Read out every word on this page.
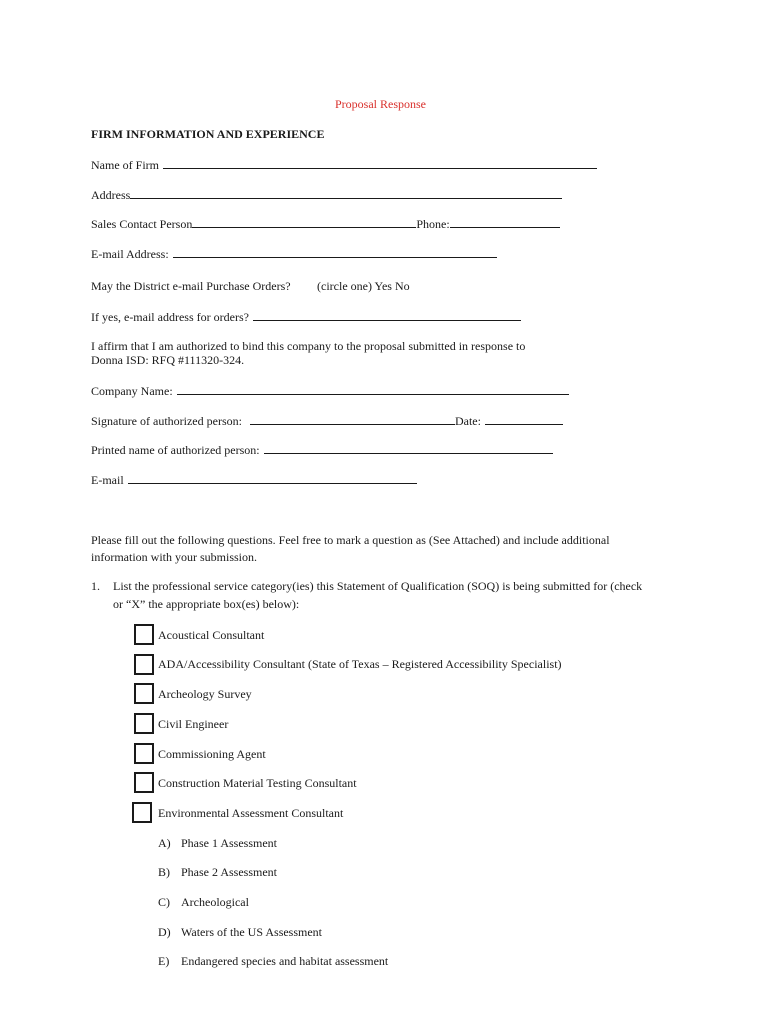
Proposal Response
FIRM INFORMATION AND EXPERIENCE
Name of Firm
Address
Sales Contact Person	Phone:
E-mail Address:
May the District e-mail Purchase Orders? (circle one) Yes No
If yes, e-mail address for orders?
I affirm that I am authorized to bind this company to the proposal submitted in response to
Donna ISD: RFQ #111320-324.
Company Name:
Signature of authorized person:	Date:
Printed name of authorized person:
E-mail
Please fill out the following questions. Feel free to mark a question as (See Attached) and include additional
information with your submission.
1. List the professional service category(ies) this Statement of Qualification (SOQ) is being submitted for (check
or “X” the appropriate box(es) below):
Acoustical Consultant
ADA/Accessibility Consultant (State of Texas – Registered Accessibility Specialist)
Archeology Survey
Civil Engineer
Commissioning Agent
Construction Material Testing Consultant
Environmental Assessment Consultant
A) Phase 1 Assessment
B) Phase 2 Assessment
C) Archeological
D) Waters of the US Assessment
E) Endangered species and habitat assessment
